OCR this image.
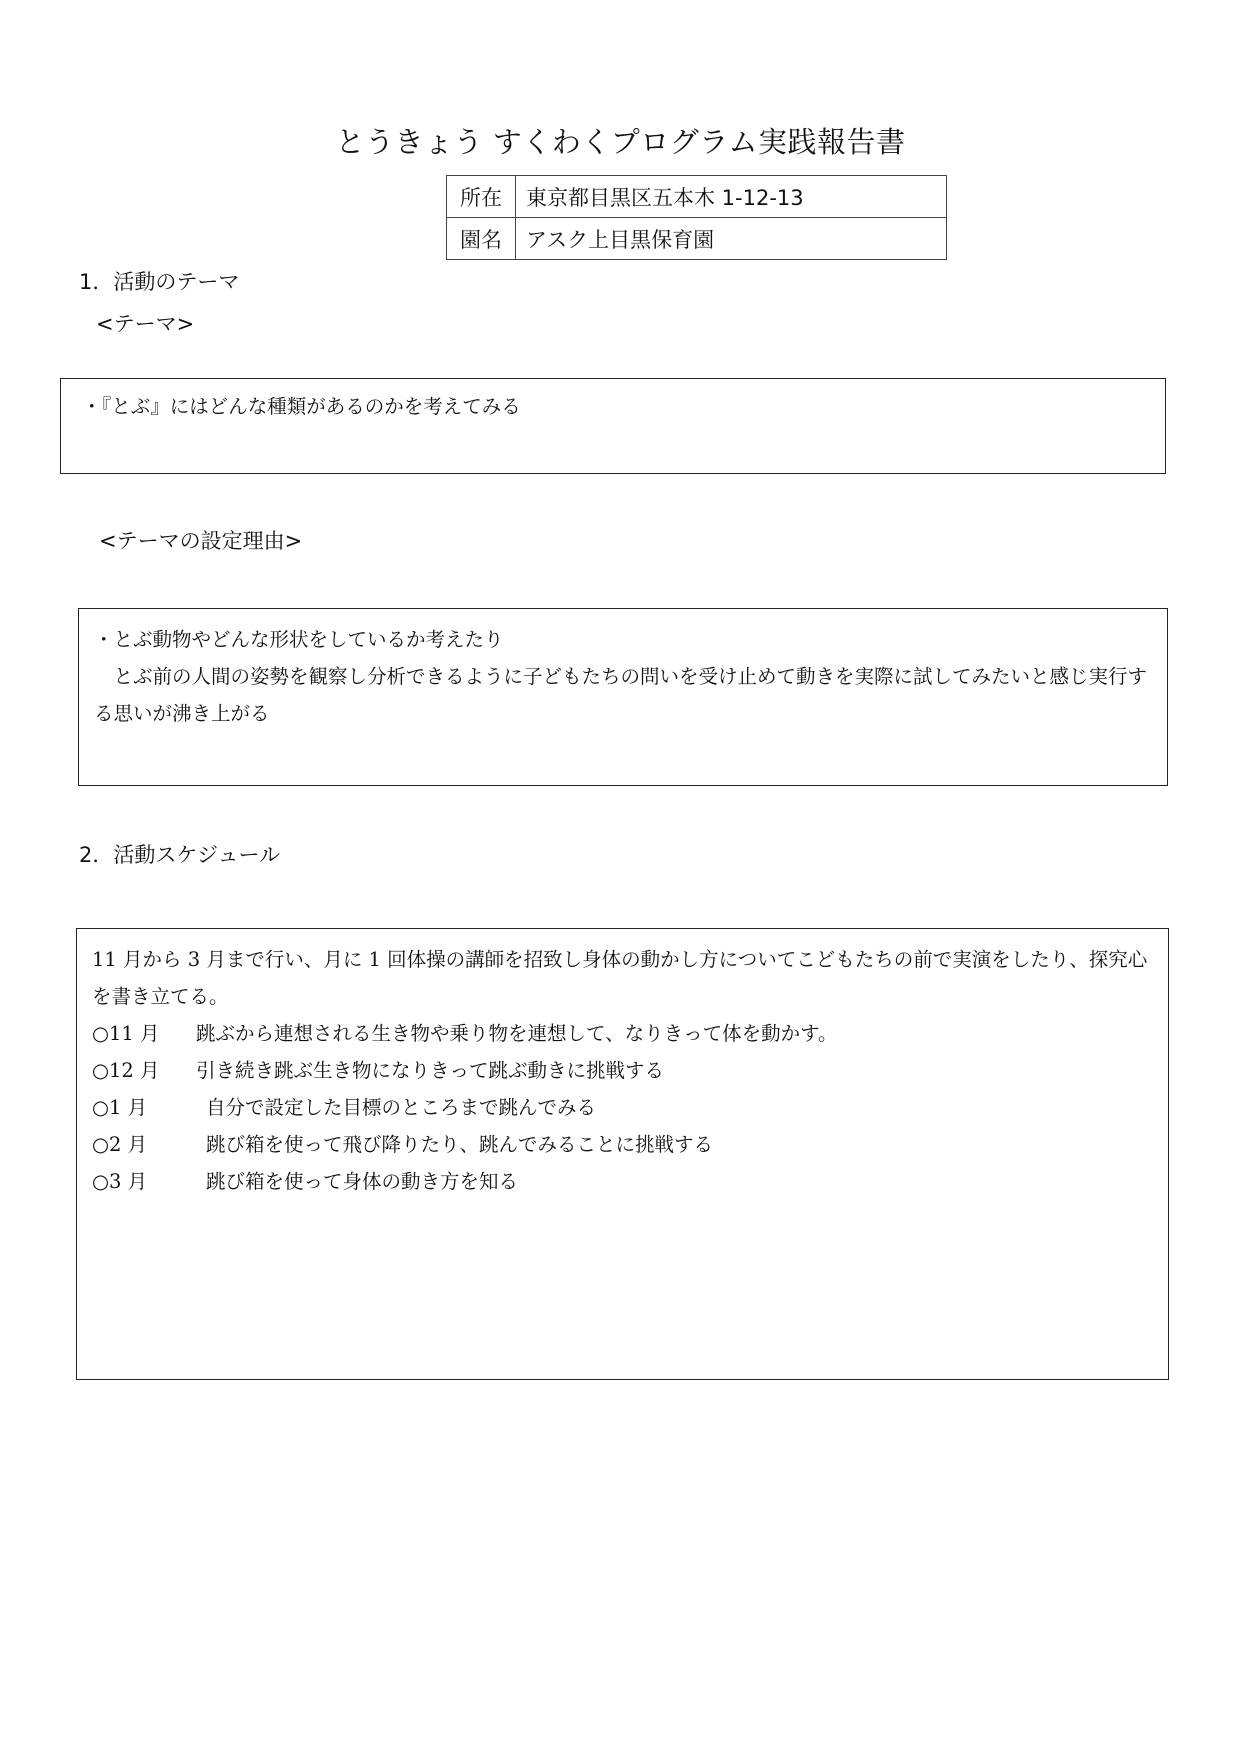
とうきょう すくわくプログラム実践報告書
所在	東京都目黒区五本木 1-12-13
園名	アスク上目黒保育園
1．活動のテーマ
<テーマ>
・『とぶ』にはどんな種類があるのかを考えてみる
<テーマの設定理由>
・とぶ動物やどんな形状をしているか考えたり
とぶ前の人間の姿勢を観察し分析できるように子どもたちの問いを受け止めて動きを実際に試してみたいと感じ実行する思いが沸き上がる
2．活動スケジュール
11 月から 3 月まで行い、月に 1 回体操の講師を招致し身体の動かし方についてこどもたちの前で実演をしたり、探究心を書き立てる。
○11 月	跳ぶから連想される生き物や乗り物を連想して、なりきって体を動かす。
○12 月	引き続き跳ぶ生き物になりきって跳ぶ動きに挑戦する
○1 月	自分で設定した目標のところまで跳んでみる
○2 月	跳び箱を使って飛び降りたり、跳んでみることに挑戦する
○3 月	跳び箱を使って身体の動き方を知る
